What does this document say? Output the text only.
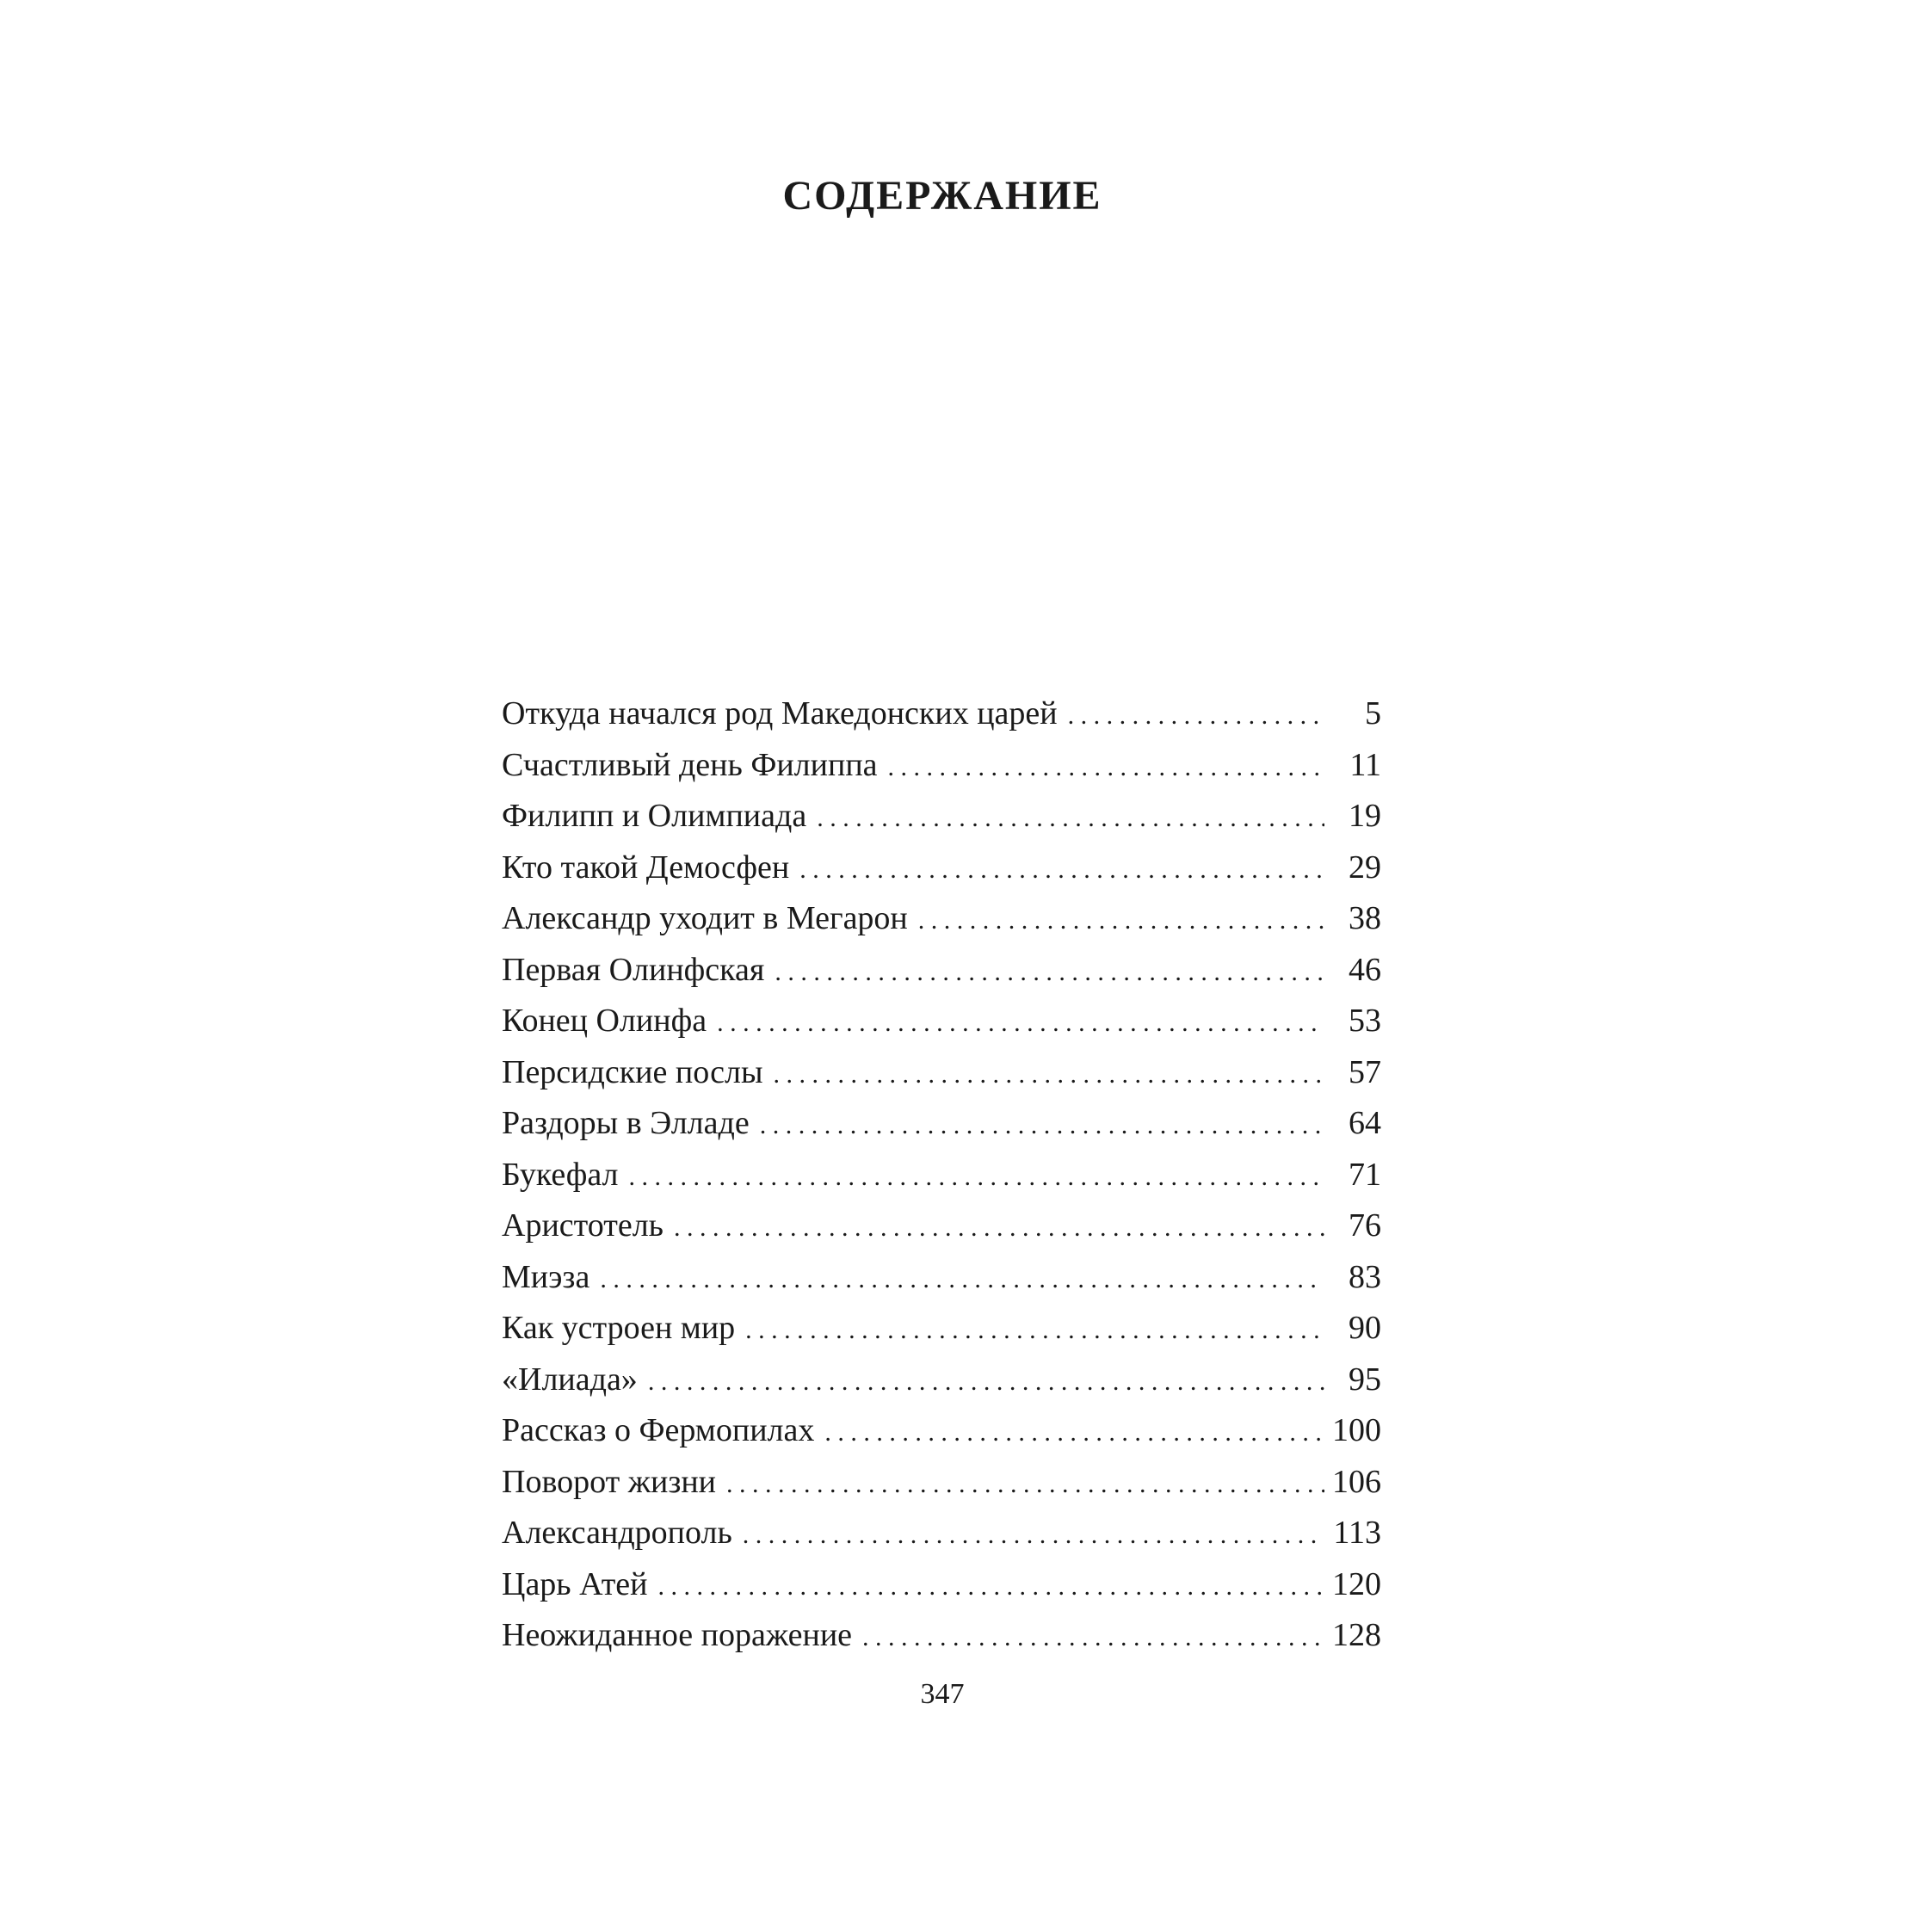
СОДЕРЖАНИЕ
Откуда начался род Македонских царей . . .	5
Счастливый день Филиппа . . .	11
Филипп и Олимпиада . . .	19
Кто такой Демосфен . . .	29
Александр уходит в Мегарон . . .	38
Первая Олинфская . . .	46
Конец Олинфа . . .	53
Персидские послы . . .	57
Раздоры в Элладе . . .	64
Букефал . . .	71
Аристотель . . .	76
Миэза . . .	83
Как устроен мир . . .	90
«Илиада» . . .	95
Рассказ о Фермопилах . . .	100
Поворот жизни . . .	106
Александрополь . . .	113
Царь Атей . . .	120
Неожиданное поражение . . .	128

347
